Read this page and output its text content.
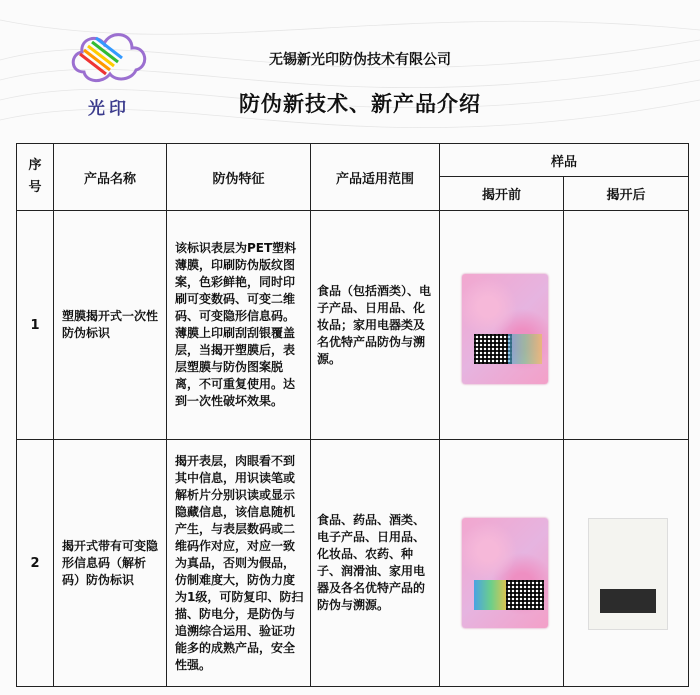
光印
无锡新光印防伪技术有限公司
防伪新技术、新产品介绍
序号	产品名称	防伪特征	产品适用范围	样品	
				揭开前	揭开后
1	塑膜揭开式一次性防伪标识	该标识表层为PET塑料薄膜，印刷防伪版纹图案，色彩鲜艳，同时印刷可变数码、可变二维码、可变隐形信息码。薄膜上印刷刮刮银覆盖层，当揭开塑膜后，表层塑膜与防伪图案脱离，不可重复使用。达到一次性破坏效果。	食品（包括酒类）、电子产品、日用品、化妆品；家用电器类及名优特产品防伪与溯源。	

2	揭开式带有可变隐形信息码（解析码）防伪标识	揭开表层，肉眼看不到其中信息，用识读笔或解析片分别识读或显示隐藏信息，该信息随机产生，与表层数码或二维码作对应，对应一致为真品，否则为假品，仿制难度大，防伪力度为1级，可防复印、防扫描、防电分，是防伪与追溯综合运用、验证功能多的成熟产品，安全性强。	食品、药品、酒类、电子产品、日用品、化妆品、农药、种子、润滑油、家用电器及各名优特产品的防伪与溯源。	
